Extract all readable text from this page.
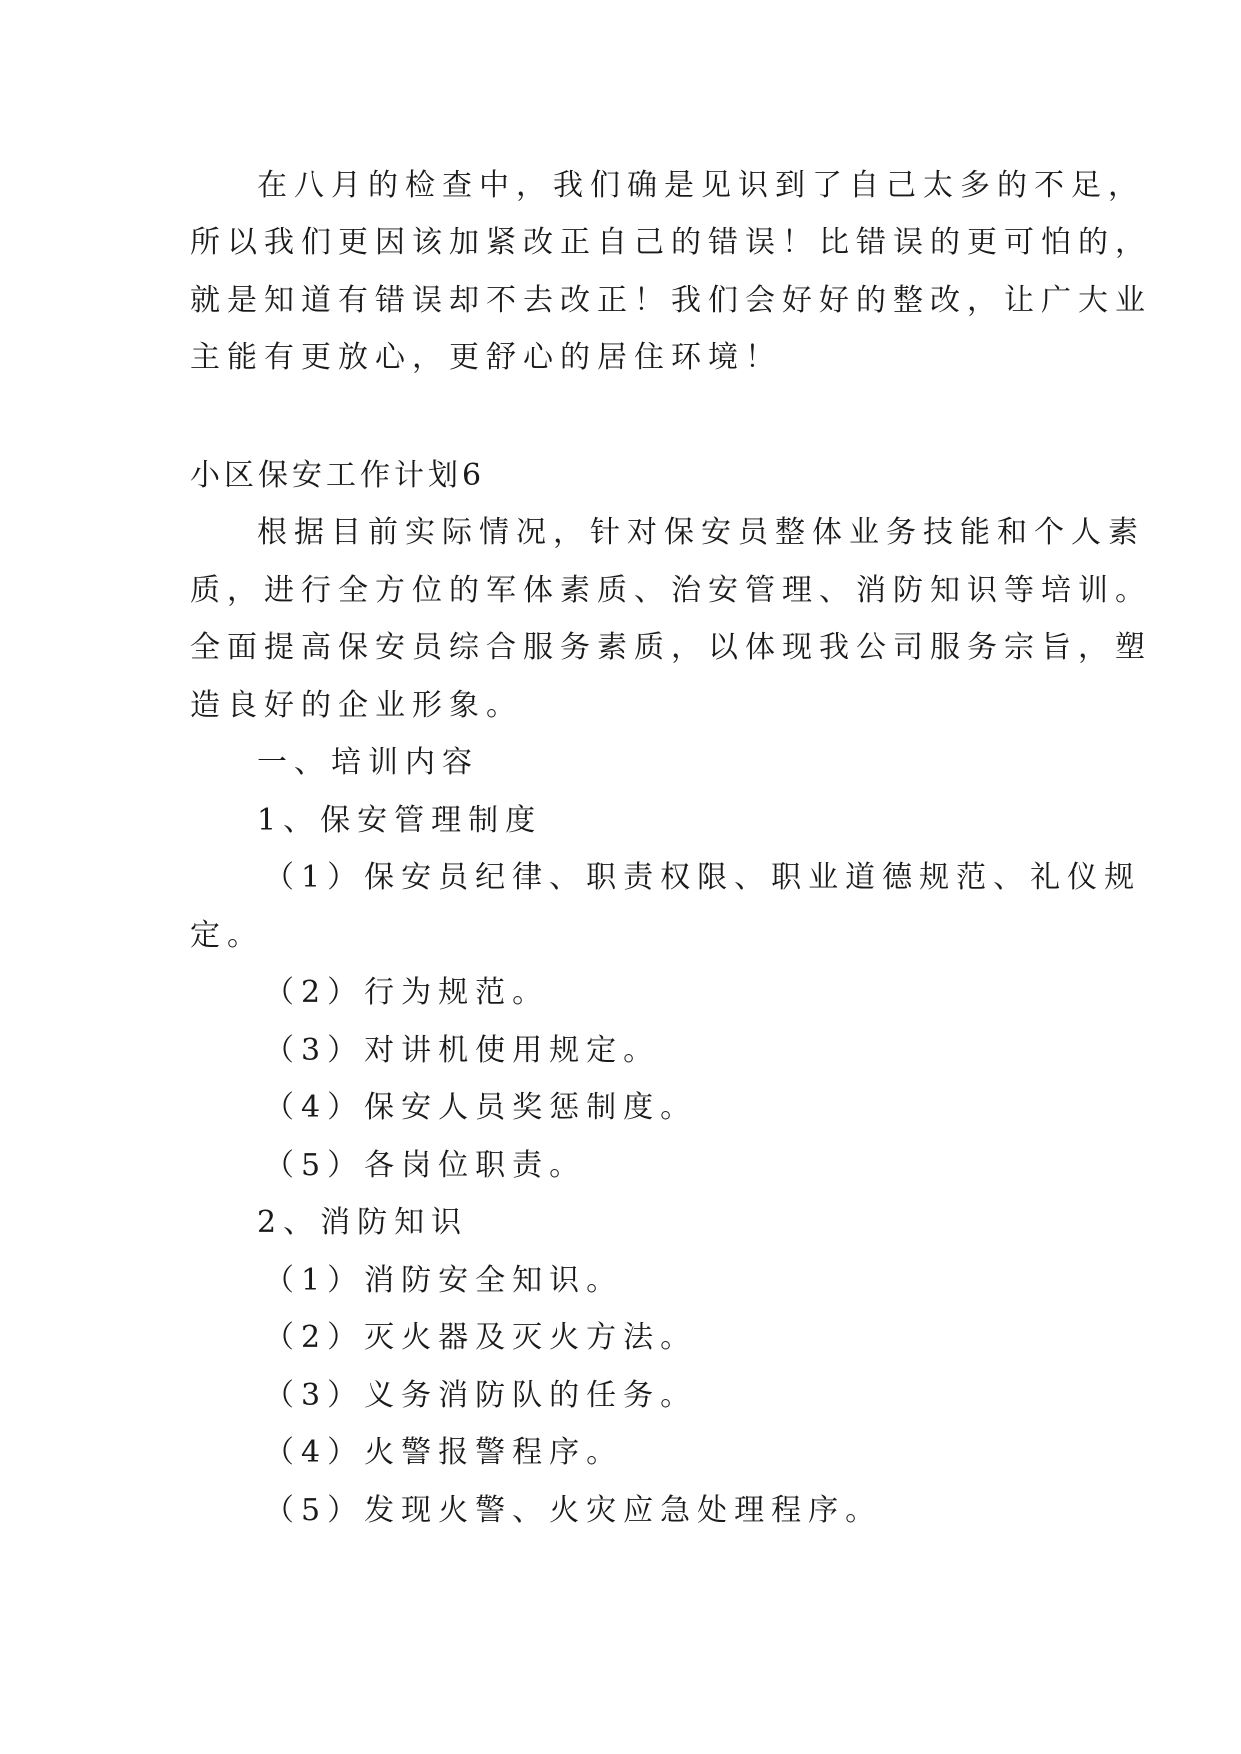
在八月的检查中，我们确是见识到了自己太多的不足，
所以我们更因该加紧改正自己的错误！比错误的更可怕的，
就是知道有错误却不去改正！我们会好好的整改，让广大业
主能有更放心，更舒心的居住环境！
小区保安工作计划6
根据目前实际情况，针对保安员整体业务技能和个人素
质，进行全方位的军体素质、治安管理、消防知识等培训。
全面提高保安员综合服务素质，以体现我公司服务宗旨，塑
造良好的企业形象。
一、培训内容
1、保安管理制度
（1）保安员纪律、职责权限、职业道德规范、礼仪规
定。
（2）行为规范。
（3）对讲机使用规定。
（4）保安人员奖惩制度。
（5）各岗位职责。
2、消防知识
（1）消防安全知识。
（2）灭火器及灭火方法。
（3）义务消防队的任务。
（4）火警报警程序。
（5）发现火警、火灾应急处理程序。
